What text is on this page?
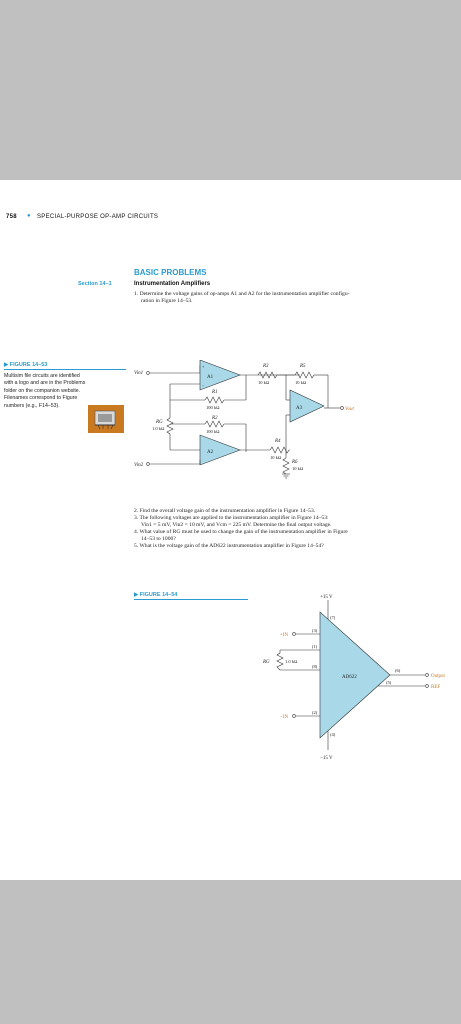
758 ● SPECIAL-PURPOSE OP-AMP CIRCUITS
BASIC PROBLEMS
Section 14–1	Instrumentation Amplifiers
1. Determine the voltage gains of op-amps A1 and A2 for the instrumentation amplifier configu-
ration in Figure 14–53.
▶ FIGURE 14–53
Multisim file circuits are identified
with a logo and are in the Problems
folder on the companion website.
Filenames correspond to Figure
numbers (e.g., F14–53).
Vin1
Vin2
Vout
A1
A2
A3
+
−
R1
100 kΩ
R2
100 kΩ
RG
1.0 kΩ
R3
10 kΩ
R5
10 kΩ
R4
10 kΩ
R6
10 kΩ
2. Find the overall voltage gain of the instrumentation amplifier in Figure 14–53.
3. The following voltages are applied to the instrumentation amplifier in Figure 14–53:
Vin1 = 5 mV, Vin2 = 10 mV, and Vcm = 225 mV. Determine the final output voltage.
4. What value of RG must be used to change the gain of the instrumentation amplifier in Figure
14–53 to 1000?
5. What is the voltage gain of the AD622 instrumentation amplifier in Figure 14–54?
▶ FIGURE 14–54	+15 V
−15 V
AD622
+IN
−IN
RG	1.0 kΩ
Output
REF
(7)
(3)
(1)
(8)
(2)
(4)
(6)
(5)
